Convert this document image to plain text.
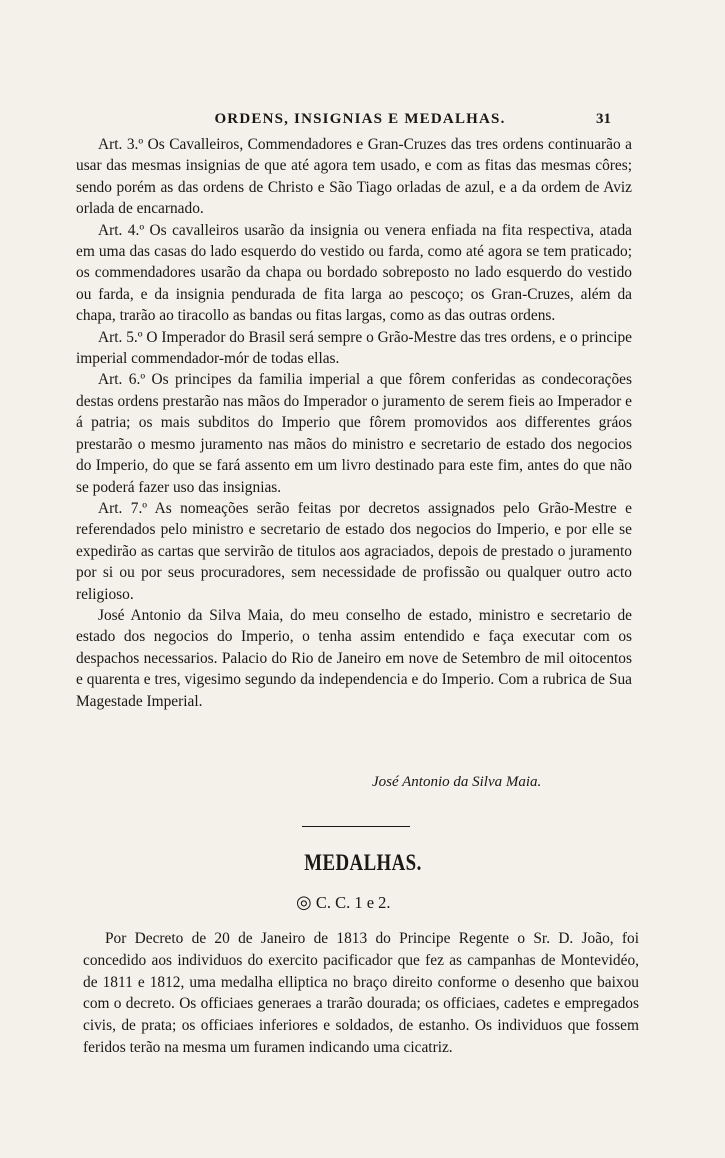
ORDENS, INSIGNIAS E MEDALHAS.	31

Art. 3.º Os Cavalleiros, Commendadores e Gran-Cruzes das tres ordens continuarão a usar das mesmas insignias de que até agora tem usado, e com as fitas das mesmas côres; sendo porém as das ordens de Christo e São Tiago orladas de azul, e a da ordem de Aviz orlada de encarnado.

Art. 4.º Os cavalleiros usarão da insignia ou venera enfiada na fita respectiva, atada em uma das casas do lado esquerdo do vestido ou farda, como até agora se tem praticado; os commendadores usarão da chapa ou bordado sobreposto no lado esquerdo do vestido ou farda, e da insignia pendurada de fita larga ao pescoço; os Gran-Cruzes, além da chapa, trarão ao tiracollo as bandas ou fitas largas, como as das outras ordens.

Art. 5.º O Imperador do Brasil será sempre o Grão-Mestre das tres ordens, e o principe imperial commendador-mór de todas ellas.

Art. 6.º Os principes da familia imperial a que fôrem conferidas as condecorações destas ordens prestarão nas mãos do Imperador o juramento de serem fieis ao Imperador e á patria; os mais subditos do Imperio que fôrem promovidos aos differentes gráos prestarão o mesmo juramento nas mãos do ministro e secretario de estado dos negocios do Imperio, do que se fará assento em um livro destinado para este fim, antes do que não se poderá fazer uso das insignias.

Art. 7.º As nomeações serão feitas por decretos assignados pelo Grão-Mestre e referendados pelo ministro e secretario de estado dos negocios do Imperio, e por elle se expedirão as cartas que servirão de titulos aos agraciados, depois de prestado o juramento por si ou por seus procuradores, sem necessidade de profissão ou qualquer outro acto religioso.

José Antonio da Silva Maia, do meu conselho de estado, ministro e secretario de estado dos negocios do Imperio, o tenha assim entendido e faça executar com os despachos necessarios. Palacio do Rio de Janeiro em nove de Setembro de mil oitocentos e quarenta e tres, vigesimo segundo da independencia e do Imperio. Com a rubrica de Sua Magestade Imperial.

José Antonio da Silva Maia.
MEDALHAS.
◎ C. C. 1 e 2.

Por Decreto de 20 de Janeiro de 1813 do Principe Regente o Sr. D. João, foi concedido aos individuos do exercito pacificador que fez as campanhas de Montevidéo, de 1811 e 1812, uma medalha elliptica no braço direito conforme o desenho que baixou com o decreto. Os officiaes generaes a trarão dourada; os officiaes, cadetes e empregados civis, de prata; os officiaes inferiores e soldados, de estanho. Os individuos que fossem feridos terão na mesma um furamen indicando uma cicatriz.
